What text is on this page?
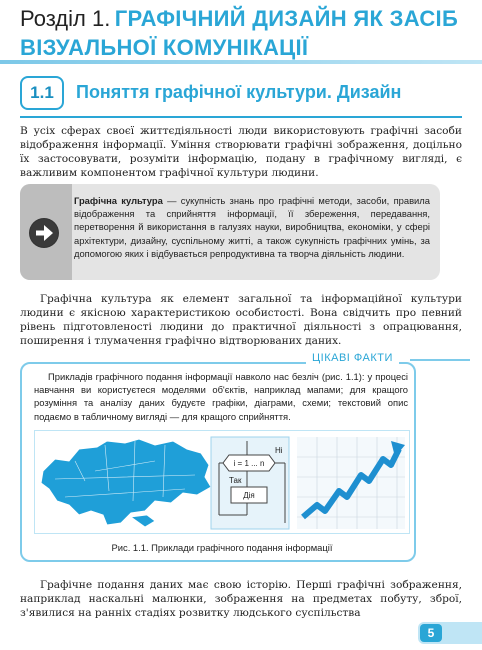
Розділ 1. ГРАФІЧНИЙ ДИЗАЙН ЯК ЗАСІБ ВІЗУАЛЬНОЇ КОМУНІКАЦІЇ
1.1	Поняття графічної культури. Дизайн

В усіх сферах своєї життєдіяльності люди використовують графічні засоби відображення інформації. Уміння створювати графічні зображення, доцільно їх застосовувати, розуміти інформацію, подану в графічному вигляді, є важливим компонентом графічної культури людини.

Графічна культура — сукупність знань про графічні методи, засоби, правила відображення та сприйняття інформації, її збереження, передавання, перетворення й використання в галузях науки, виробництва, економіки, у сфері архітектури, дизайну, суспільному житті, а також сукупність графічних умінь, за допомогою яких і відбувається репродуктивна та творча діяльність людини.

Графічна культура як елемент загальної та інформаційної культури людини є якісною характеристикою особистості. Вона свідчить про певний рівень підготовленості людини до практичної діяльності з опрацювання, поширення і тлумачення графічно відтворюваних даних.

ЦІКАВІ ФАКТИ
Прикладів графічного подання інформації навколо нас безліч (рис. 1.1): у процесі навчання ви користуєтеся моделями об'єктів, наприклад мапами; для кращого розуміння та аналізу даних будуєте графіки, діаграми, схеми; текстовий опис подаємо в табличному вигляді — для кращого сприйняття.
i = 1 ... n
Ні
Так
Дія
Рис. 1.1. Приклади графічного подання інформації

Графічне подання даних має свою історію. Перші графічні зображення, наприклад наскальні малюнки, зображення на предметах побуту, зброї, з'явилися на ранніх стадіях розвитку людського суспільства

5
